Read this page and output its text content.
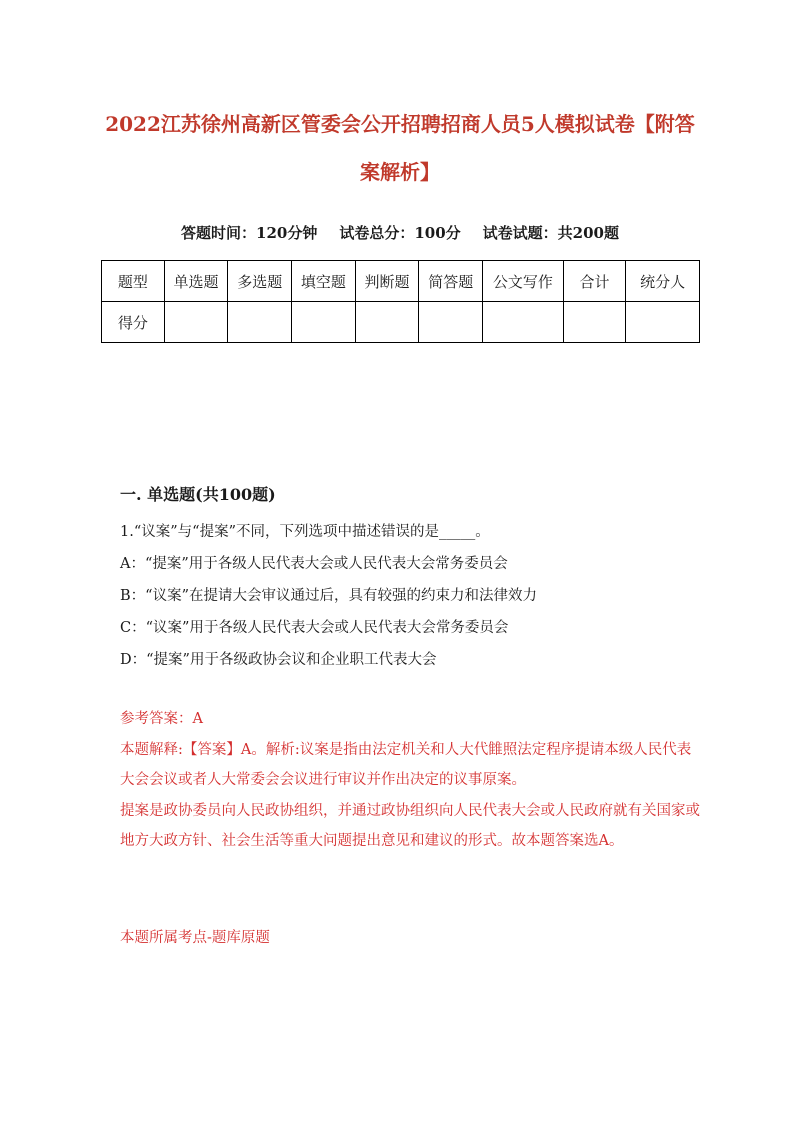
2022江苏徐州高新区管委会公开招聘招商人员5人模拟试卷【附答案解析】
答题时间：120分钟 试卷总分：100分 试卷试题：共200题
题型	单选题	多选题	填空题	判断题	简答题	公文写作	合计	统分人
得分								
一. 单选题(共100题)
1.“议案”与“提案”不同，下列选项中描述错误的是_____。
A：“提案”用于各级人民代表大会或人民代表大会常务委员会
B：“议案”在提请大会审议通过后，具有较强的约束力和法律效力
C：“议案”用于各级人民代表大会或人民代表大会常务委员会
D：“提案”用于各级政协会议和企业职工代表大会

参考答案：A

本题解释:【答案】A。解析:议案是指由法定机关和人大代雔照法定程序提请本级人民代表大会会议或者人大常委会会议进行审议并作出决定的议事原案。

提案是政协委员向人民政协组织，并通过政协组织向人民代表大会或人民政府就有关国家或地方大政方针、社会生活等重大问题提出意见和建议的形式。故本题答案选A。

本题所属考点-题库原题
